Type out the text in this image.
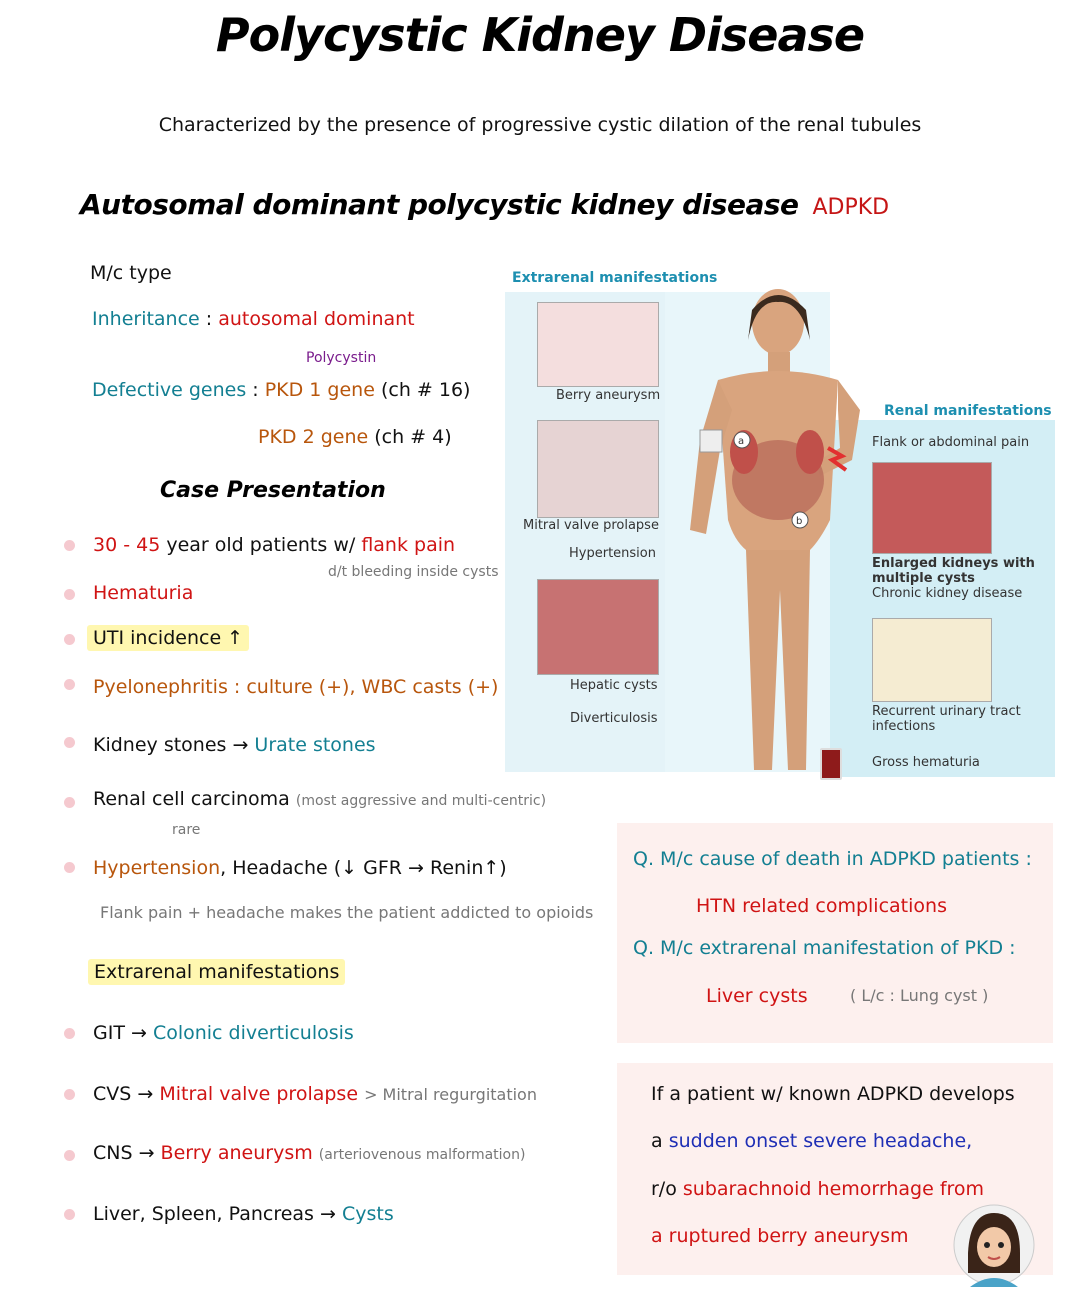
Polycystic Kidney Disease
Characterized by the presence of progressive cystic dilation of the renal tubules
Autosomal dominant polycystic kidney disease ADPKD
M/c type
Inheritance : autosomal dominant
Polycystin
Defective genes : PKD 1 gene (ch # 16)
PKD 2 gene (ch # 4)
Case Presentation
30 - 45 year old patients w/ flank pain
d/t bleeding inside cysts
Hematuria
UTI incidence ↑
Pyelonephritis : culture (+), WBC casts (+)
Kidney stones → Urate stones
Renal cell carcinoma (most aggressive and multi-centric)
rare
Hypertension, Headache (↓ GFR → Renin↑)
Flank pain + headache makes the patient addicted to opioids
Extrarenal manifestations
GIT → Colonic diverticulosis
CVS → Mitral valve prolapse > Mitral regurgitation
CNS → Berry aneurysm (arteriovenous malformation)
Liver, Spleen, Pancreas → Cysts
Extrarenal manifestations
Renal manifestations
a
b
Berry aneurysm
Mitral valve prolapse
Hypertension
Hepatic cysts
Diverticulosis
Flank or abdominal pain
Enlarged kidneys with
multiple cysts
Chronic kidney disease
Recurrent urinary tract
infections
Gross hematuria
Q. M/c cause of death in ADPKD patients :
HTN related complications
Q. M/c extrarenal manifestation of PKD :
Liver cysts	( L/c : Lung cyst )
If a patient w/ known ADPKD develops
a sudden onset severe headache,
r/o subarachnoid hemorrhage from
a ruptured berry aneurysm
